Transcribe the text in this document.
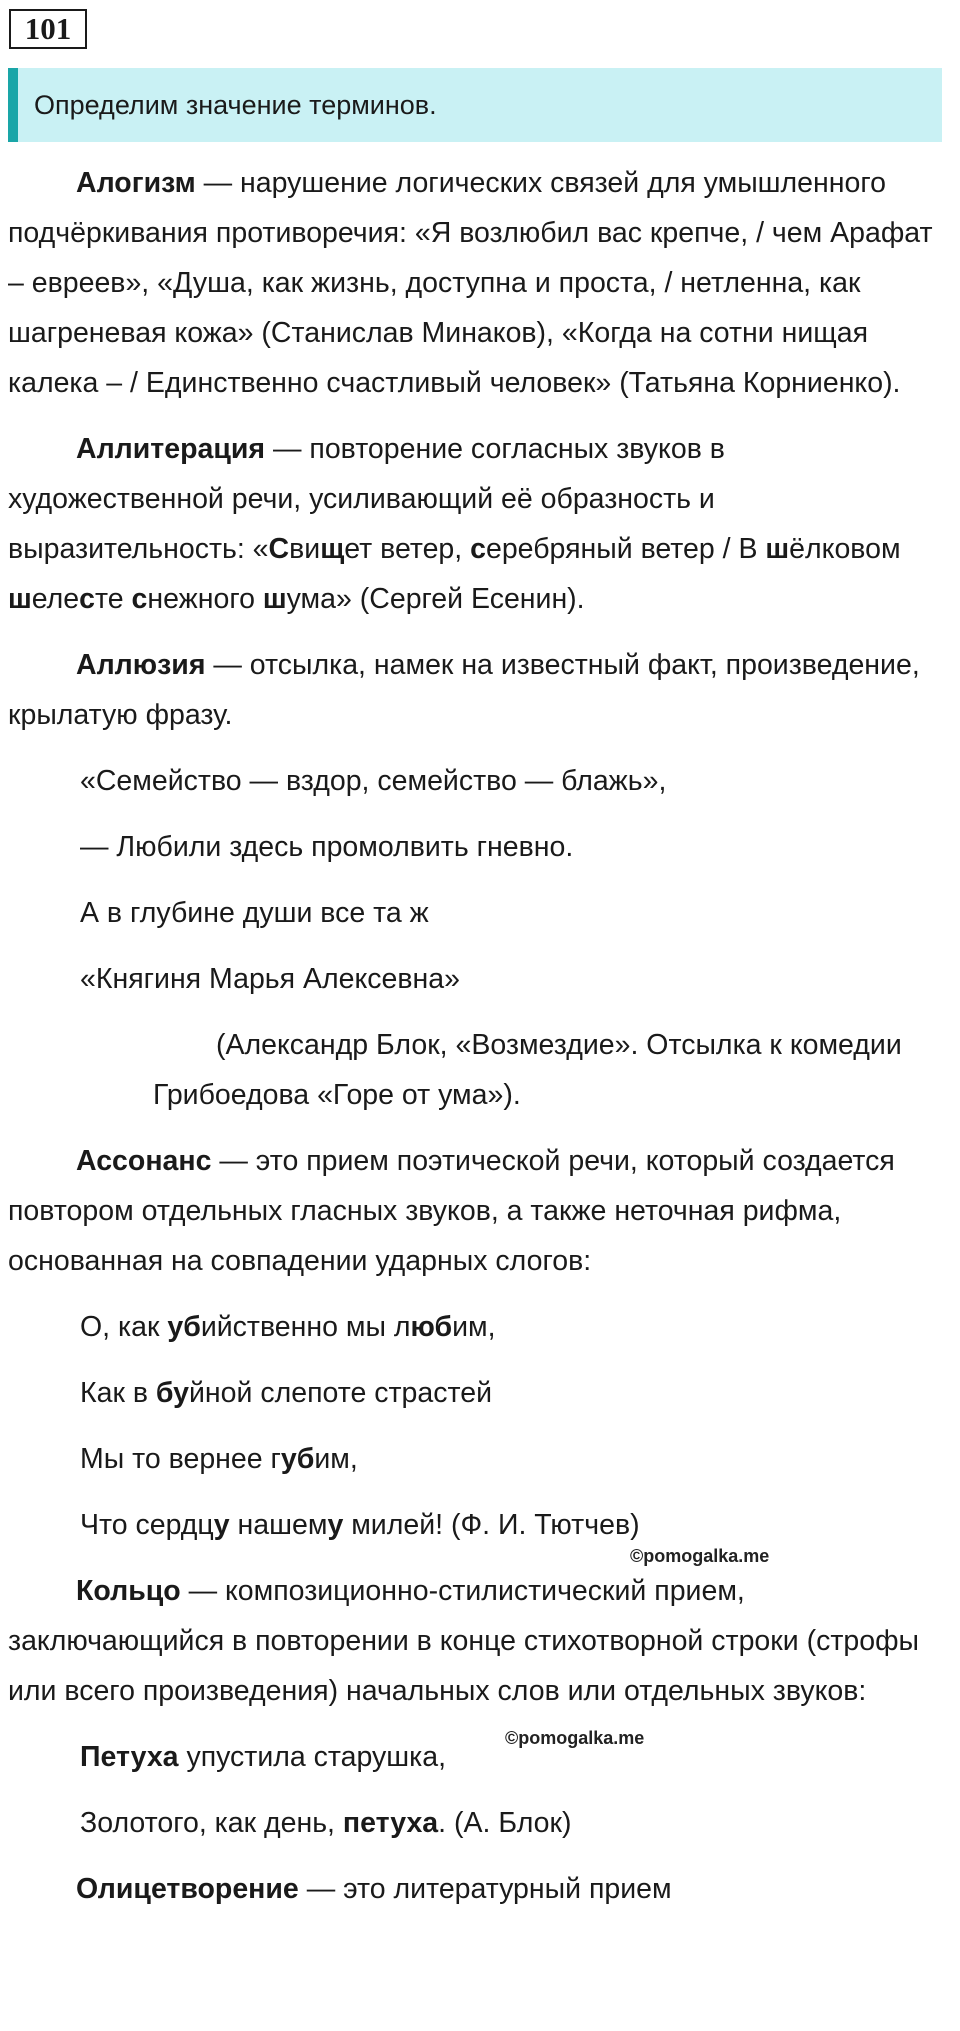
101
Определим значение терминов.
Алогизм — нарушение логических связей для умышленного подчёркивания противоречия: «Я возлюбил вас крепче, / чем Арафат – евреев», «Душа, как жизнь, доступна и проста, / нетленна, как шагреневая кожа» (Станислав Минаков), «Когда на сотни нищая калека – / Единственно счастливый человек» (Татьяна Корниенко).
Аллитерация — повторение согласных звуков в художественной речи, усиливающий её образность и выразительность: «Свищет ветер, серебряный ветер / В шёлковом шелесте снежного шума» (Сергей Есенин).
Аллюзия — отсылка, намек на известный факт, произведение, крылатую фразу.
«Семейство — вздор, семейство — блажь»,
— Любили здесь промолвить гневно.
А в глубине души все та ж
«Княгиня Марья Алексевна»
(Александр Блок, «Возмездие». Отсылка к комедии Грибоедова «Горе от ума»).
Ассонанс — это прием поэтической речи, который создается повтором отдельных гласных звуков, а также неточная рифма, основанная на совпадении ударных слогов:
О, как убийственно мы любим,
Как в буйной слепоте страстей
Мы то вернее губим,
Что сердцу нашему милей! (Ф. И. Тютчев)
Кольцо — композиционно-стилистический прием, заключающийся в повторении в конце стихотворной строки (строфы или всего произведения) начальных слов или отдельных звуков:
Петуха упустила старушка,
Золотого, как день, петуха. (А. Блок)
Олицетворение — это литературный прием
©pomogalka.me
©pomogalka.me
